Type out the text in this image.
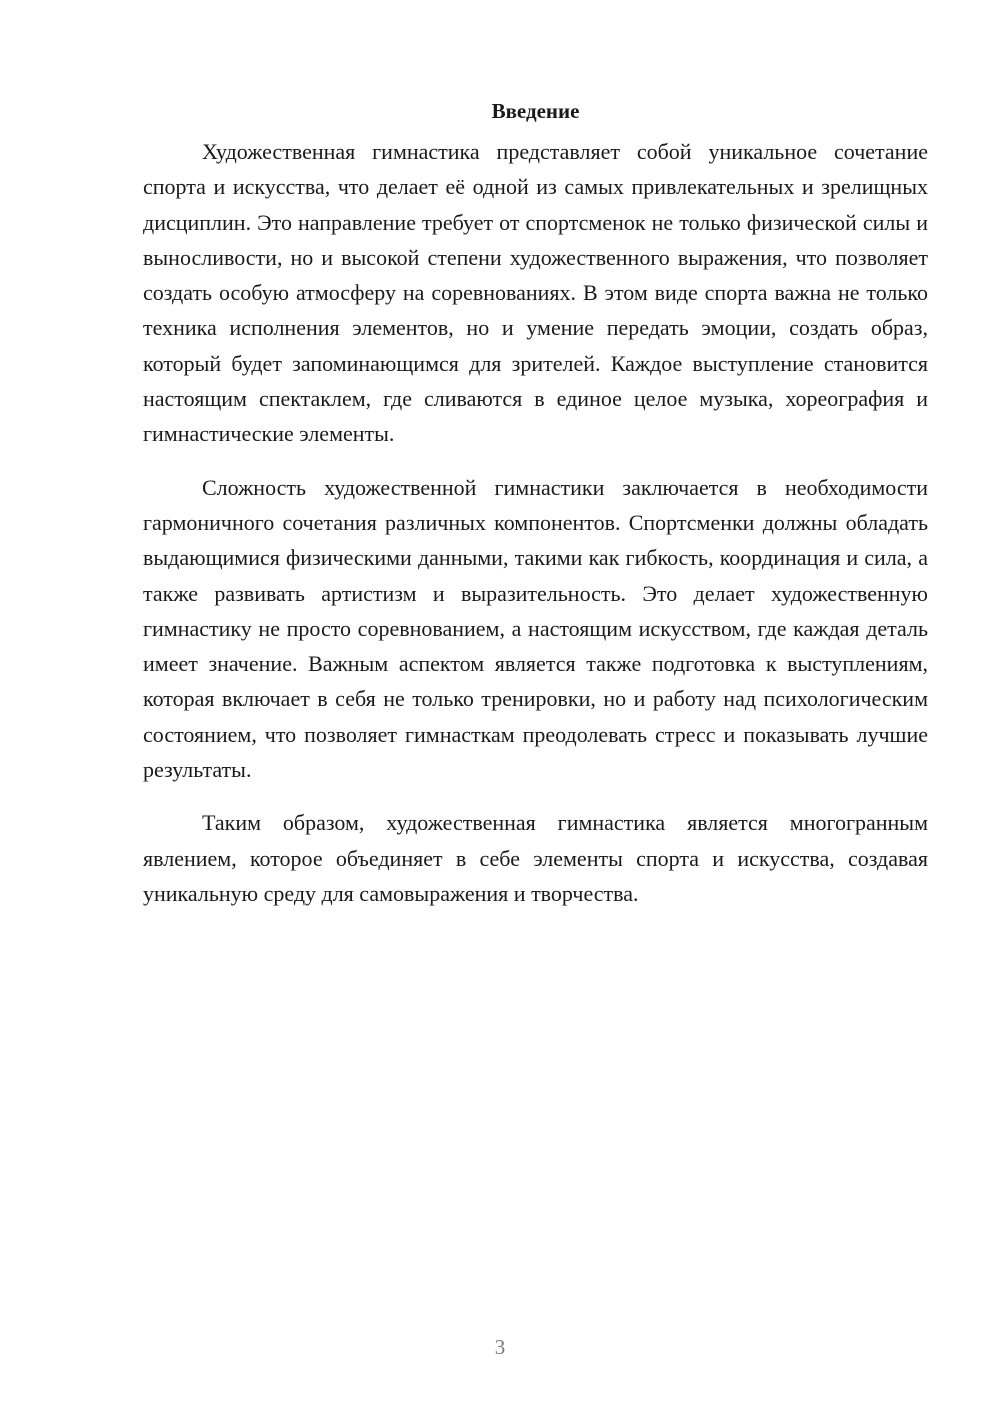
Введение

Художественная гимнастика представляет собой уникальное сочетание спорта и искусства, что делает её одной из самых привлекательных и зрелищных дисциплин. Это направление требует от спортсменок не только физической силы и выносливости, но и высокой степени художественного выражения, что позволяет создать особую атмосферу на соревнованиях. В этом виде спорта важна не только техника исполнения элементов, но и умение передать эмоции, создать образ, который будет запоминающимся для зрителей. Каждое выступление становится настоящим спектаклем, где сливаются в единое целое музыка, хореография и гимнастические элементы.

Сложность художественной гимнастики заключается в необходимости гармоничного сочетания различных компонентов. Спортсменки должны обладать выдающимися физическими данными, такими как гибкость, координация и сила, а также развивать артистизм и выразительность. Это делает художественную гимнастику не просто соревнованием, а настоящим искусством, где каждая деталь имеет значение. Важным аспектом является также подготовка к выступлениям, которая включает в себя не только тренировки, но и работу над психологическим состоянием, что позволяет гимнасткам преодолевать стресс и показывать лучшие результаты.

Таким образом, художественная гимнастика является многогранным явлением, которое объединяет в себе элементы спорта и искусства, создавая уникальную среду для самовыражения и творчества.

3
